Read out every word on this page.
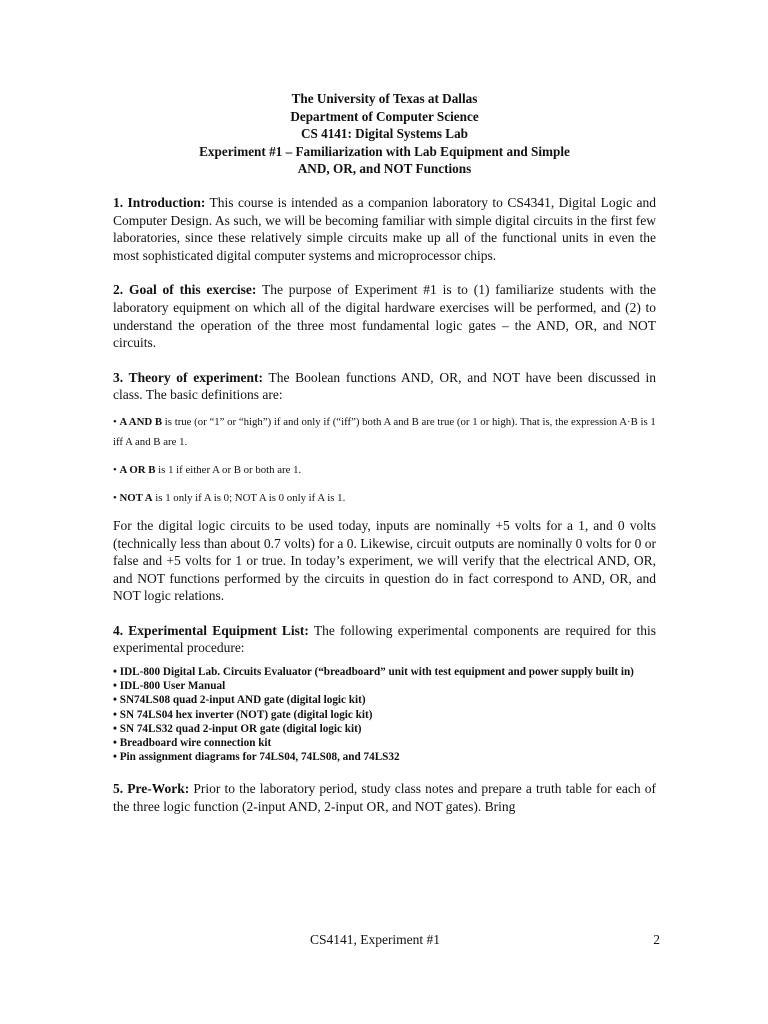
The University of Texas at Dallas
Department of Computer Science
CS 4141: Digital Systems Lab
Experiment #1 – Familiarization with Lab Equipment and Simple
AND, OR, and NOT Functions

1. Introduction: This course is intended as a companion laboratory to CS4341, Digital Logic and Computer Design. As such, we will be becoming familiar with simple digital circuits in the first few laboratories, since these relatively simple circuits make up all of the functional units in even the most sophisticated digital computer systems and microprocessor chips.

2. Goal of this exercise: The purpose of Experiment #1 is to (1) familiarize students with the laboratory equipment on which all of the digital hardware exercises will be performed, and (2) to understand the operation of the three most fundamental logic gates – the AND, OR, and NOT circuits.

3. Theory of experiment: The Boolean functions AND, OR, and NOT have been discussed in class. The basic definitions are:

• A AND B is true (or “1” or “high”) if and only if (“iff”) both A and B are true (or 1 or high). That is, the expression A·B is 1 iff A and B are 1.

• A OR B is 1 if either A or B or both are 1.

• NOT A is 1 only if A is 0; NOT A is 0 only if A is 1.

For the digital logic circuits to be used today, inputs are nominally +5 volts for a 1, and 0 volts (technically less than about 0.7 volts) for a 0. Likewise, circuit outputs are nominally 0 volts for 0 or false and +5 volts for 1 or true. In today’s experiment, we will verify that the electrical AND, OR, and NOT functions performed by the circuits in question do in fact correspond to AND, OR, and NOT logic relations.

4. Experimental Equipment List: The following experimental components are required for this experimental procedure:

• IDL-800 Digital Lab. Circuits Evaluator (“breadboard” unit with test equipment and power supply built in)
• IDL-800 User Manual
• SN74LS08 quad 2-input AND gate (digital logic kit)
• SN 74LS04 hex inverter (NOT) gate (digital logic kit)
• SN 74LS32 quad 2-input OR gate (digital logic kit)
• Breadboard wire connection kit
• Pin assignment diagrams for 74LS04, 74LS08, and 74LS32

5. Pre-Work: Prior to the laboratory period, study class notes and prepare a truth table for each of the three logic function (2-input AND, 2-input OR, and NOT gates). Bring

CS4141, Experiment #1	2
